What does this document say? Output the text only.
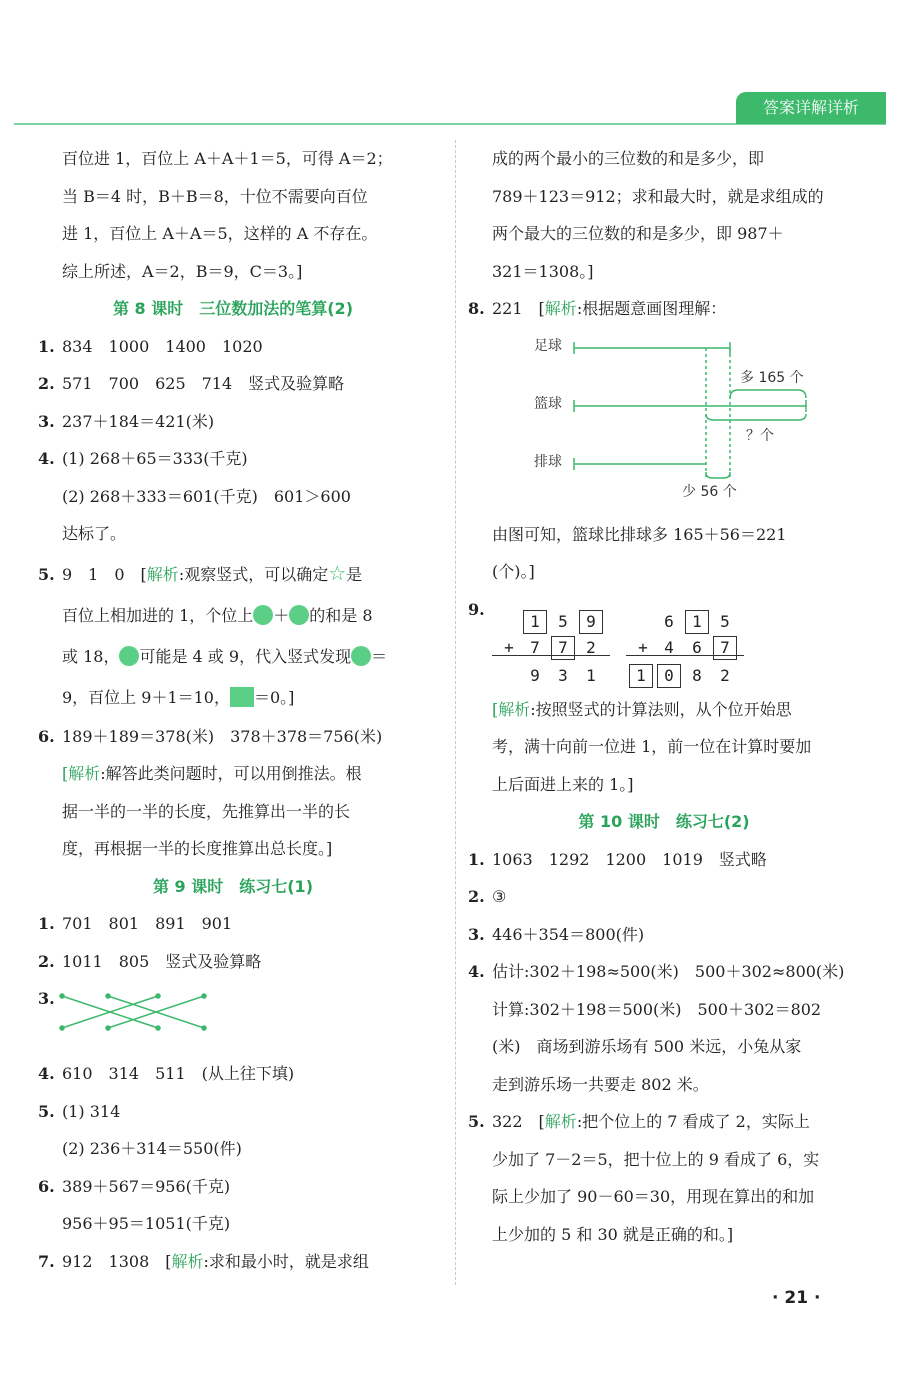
答案详解详析
百位进 1，百位上 A＋A＋1＝5，可得 A＝2；
当 B＝4 时，B＋B＝8，十位不需要向百位
进 1，百位上 A＋A＝5，这样的 A 不存在。
综上所述，A＝2，B＝9，C＝3。]
第 8 课时　三位数加法的笔算(2)
1. 834　1000　1400　1020
2. 571　700　625　714　竖式及验算略
3. 237＋184＝421(米)
4. (1) 268＋65＝333(千克)
(2) 268＋333＝601(千克)　601＞600
达标了。
5. 9　1　0　[解析:观察竖式，可以确定☆是
百位上相加进的 1，个位上 ＋ 的和是 8
或 18， 可能是 4 或 9，代入竖式发现 ＝
9，百位上 9＋1＝10， ＝0。]
6. 189＋189＝378(米)　378＋378＝756(米)
[解析:解答此类问题时，可以用倒推法。根
据一半的一半的长度，先推算出一半的长
度，再根据一半的长度推算出总长度。]
第 9 课时　练习七(1)
1. 701　801　891　901
2. 1011　805　竖式及验算略
3.
4. 610　314　511　(从上往下填)
5. (1) 314
(2) 236＋314＝550(件)
6. 389＋567＝956(千克)
956＋95＝1051(千克)
7. 912　1308　[解析:求和最小时，就是求组
成的两个最小的三位数的和是多少，即
789＋123＝912；求和最大时，就是求组成的
两个最大的三位数的和是多少，即 987＋
321＝1308。]
8. 221　[解析:根据题意画图理解：
足球
篮球
排球
多 165 个
？个
少 56 个
由图可知，篮球比排球多 165＋56＝221
(个)。]
9.
1	5	9
+	7	7	2
9	3	1
6	1	5
+	4	6	7
1	0	8	2
[解析:按照竖式的计算法则，从个位开始思
考，满十向前一位进 1，前一位在计算时要加
上后面进上来的 1。]
第 10 课时　练习七(2)
1. 1063　1292　1200　1019　竖式略
2. ③
3. 446＋354＝800(件)
4. 估计:302＋198≈500(米)　500＋302≈800(米)
计算:302＋198＝500(米)　500＋302＝802
(米)　商场到游乐场有 500 米远，小兔从家
走到游乐场一共要走 802 米。
5. 322　[解析:把个位上的 7 看成了 2，实际上
少加了 7－2＝5，把十位上的 9 看成了 6，实
际上少加了 90－60＝30，用现在算出的和加
上少加的 5 和 30 就是正确的和。]
· 21 ·
